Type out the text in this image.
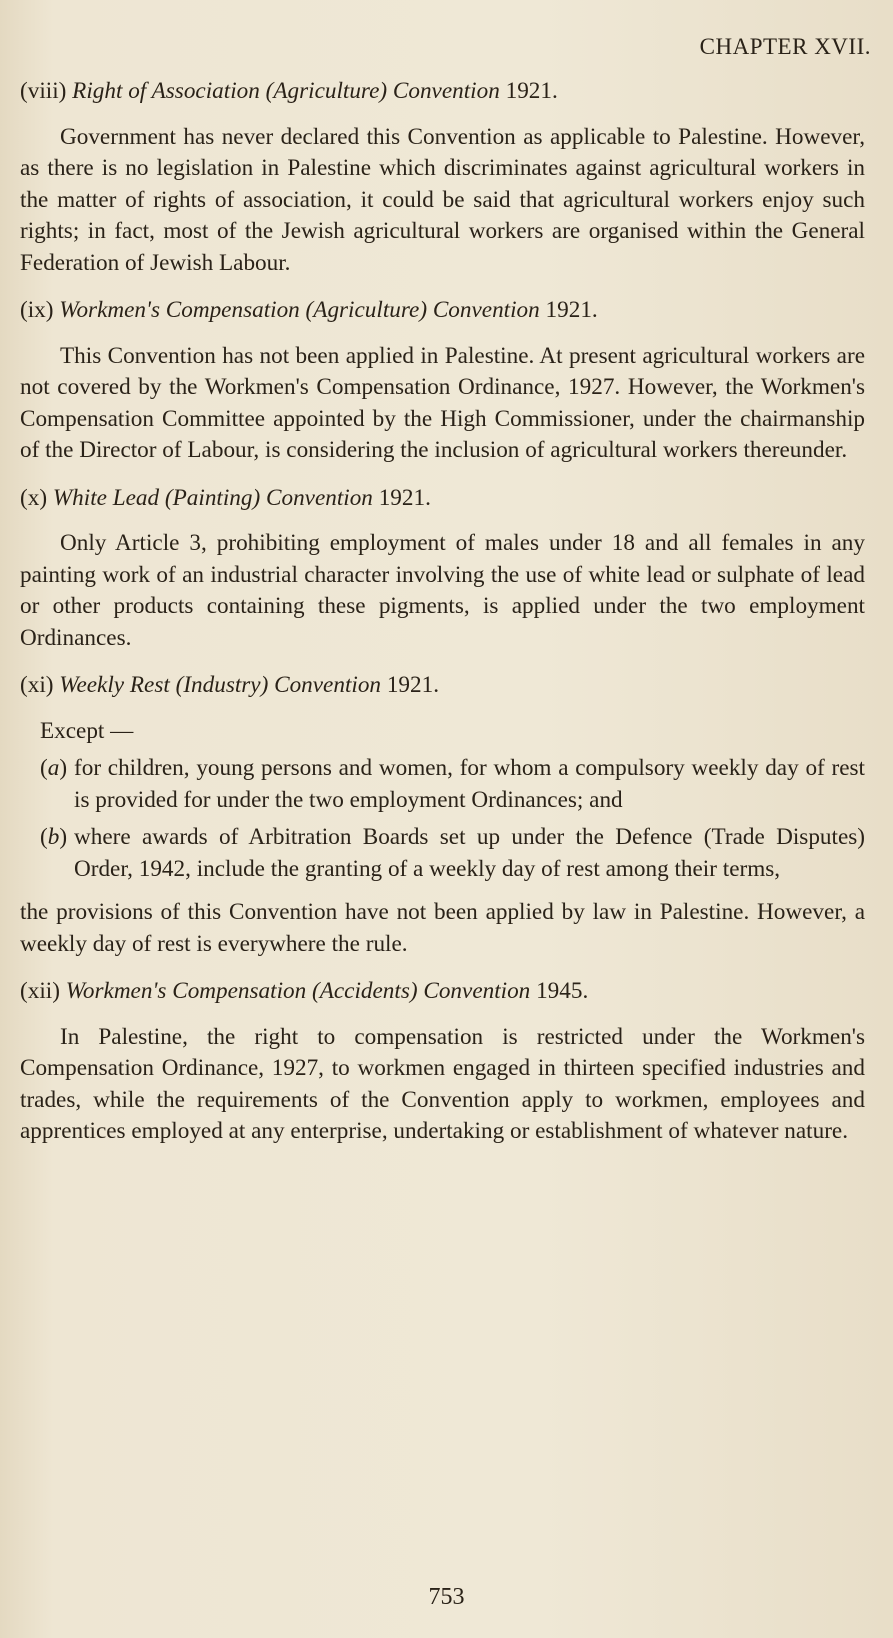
CHAPTER XVII.
(viii) Right of Association (Agriculture) Convention 1921.

Government has never declared this Convention as applicable to Palestine. However, as there is no legislation in Palestine which discriminates against agricultural workers in the matter of rights of association, it could be said that agricultural workers enjoy such rights; in fact, most of the Jewish agricultural workers are organised within the General Federation of Jewish Labour.

(ix) Workmen's Compensation (Agriculture) Convention 1921.

This Convention has not been applied in Palestine. At present agricultural workers are not covered by the Workmen's Compensation Ordinance, 1927. However, the Workmen's Compensation Committee appointed by the High Commissioner, under the chairmanship of the Director of Labour, is considering the inclusion of agricultural workers thereunder.

(x) White Lead (Painting) Convention 1921.

Only Article 3, prohibiting employment of males under 18 and all females in any painting work of an industrial character involving the use of white lead or sulphate of lead or other products containing these pigments, is applied under the two employment Ordinances.

(xi) Weekly Rest (Industry) Convention 1921.

Except —

(a) for children, young persons and women, for whom a compulsory weekly day of rest is provided for under the two employment Ordinances; and
(b) where awards of Arbitration Boards set up under the Defence (Trade Disputes) Order, 1942, include the granting of a weekly day of rest among their terms,

the provisions of this Convention have not been applied by law in Palestine. However, a weekly day of rest is everywhere the rule.

(xii) Workmen's Compensation (Accidents) Convention 1945.

In Palestine, the right to compensation is restricted under the Workmen's Compensation Ordinance, 1927, to workmen engaged in thirteen specified industries and trades, while the requirements of the Convention apply to workmen, employees and apprentices employed at any enterprise, undertaking or establishment of whatever nature.

753
